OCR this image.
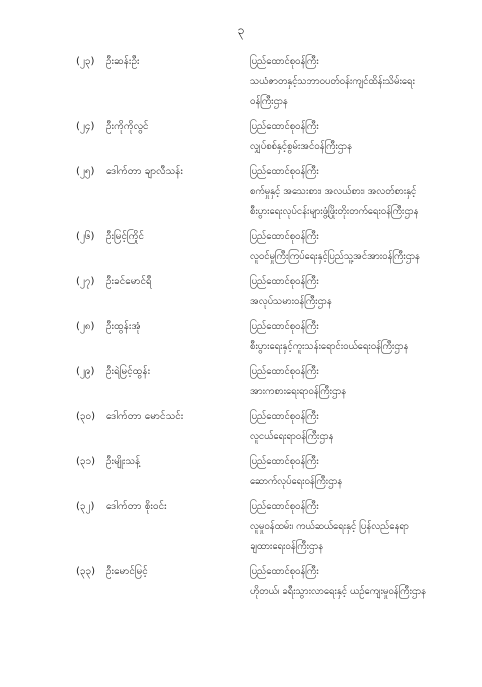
၃
(၂၃) ဦးဆန်းဦး	ပြည်ထောင်စုဝန်ကြီး
သယံဇာတနှင့်သဘာဝပတ်ဝန်းကျင်ထိန်းသိမ်းရေး
ဝန်ကြီးဌာန
(၂၄) ဦးကိုကိုလွင်	ပြည်ထောင်စုဝန်ကြီး
လျှပ်စစ်နှင့်စွမ်းအင်ဝန်ကြီးဌာန
(၂၅) ဒေါက်တာ ချာလီသန်း	ပြည်ထောင်စုဝန်ကြီး
စက်မှုနှင့် အသေးစား၊ အလယ်စား၊ အလတ်စားနှင့်
စီးပွားရေးလုပ်ငန်းများဖွံ့ဖြိုးတိုးတက်ရေးဝန်ကြီးဌာန
(၂၆) ဦးမြင့်ကြိုင်	ပြည်ထောင်စုဝန်ကြီး
လူဝင်မှုကြီးကြပ်ရေးနှင့်ပြည်သူ့အင်အားဝန်ကြီးဌာန
(၂၇) ဦးခင်မောင်ရီ	ပြည်ထောင်စုဝန်ကြီး
အလုပ်သမားဝန်ကြီးဌာန
(၂၈) ဦးထွန်းအုံ	ပြည်ထောင်စုဝန်ကြီး
စီးပွားရေးနှင့်ကူးသန်းရောင်းဝယ်ရေးဝန်ကြီးဌာန
(၂၉) ဦးရဲမြင့်ထွန်း	ပြည်ထောင်စုဝန်ကြီး
အားကစားရေးရာဝန်ကြီးဌာန
(၃၀) ဒေါက်တာ မောင်သင်း	ပြည်ထောင်စုဝန်ကြီး
လူငယ်ရေးရာဝန်ကြီးဌာန
(၃၁) ဦးမျိုးသန့်	ပြည်ထောင်စုဝန်ကြီး
ဆောက်လုပ်ရေးဝန်ကြီးဌာန
(၃၂) ဒေါက်တာ စိုးဝင်း	ပြည်ထောင်စုဝန်ကြီး
လူမှုဝန်ထမ်း၊ ကယ်ဆယ်ရေးနှင့် ပြန်လည်နေရာ
ချထားရေးဝန်ကြီးဌာန
(၃၃) ဦးမောင်မြင့်	ပြည်ထောင်စုဝန်ကြီး
ဟိုတယ်၊ ခရီးသွားလာရေးနှင့် ယဉ်ကျေးမှုဝန်ကြီးဌာန
